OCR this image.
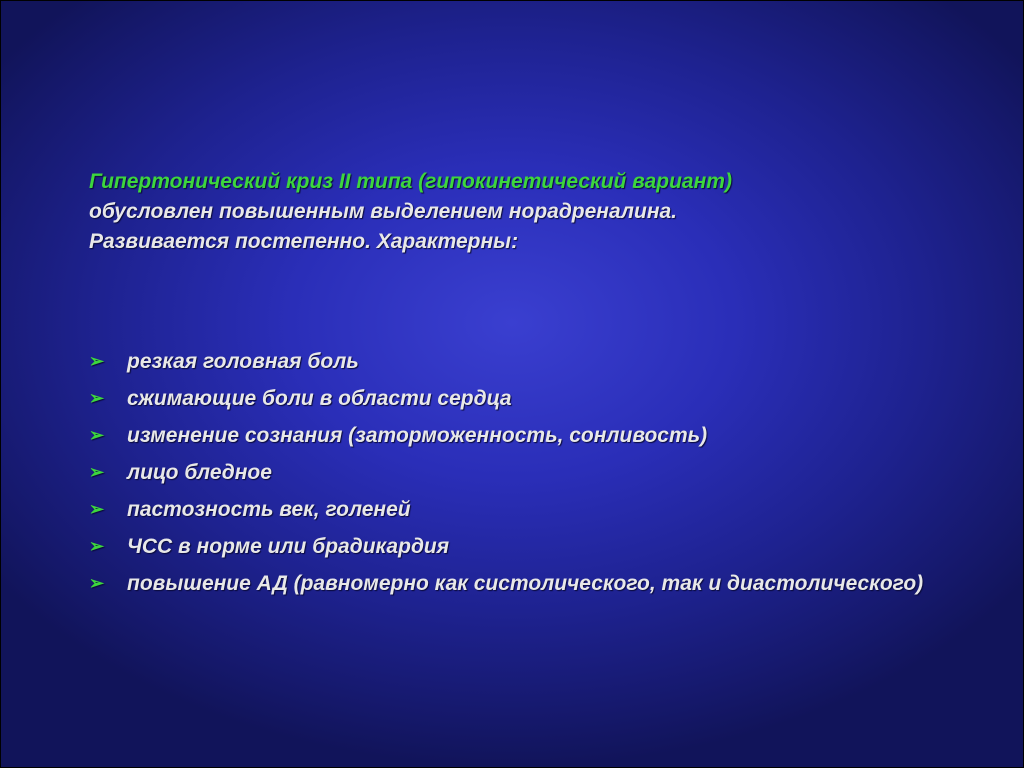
Гипертонический криз II типа (гипокинетический вариант)
обусловлен повышенным выделением норадреналина.
Развивается постепенно. Характерны:
➢ резкая головная боль
➢ сжимающие боли в области сердца
➢ изменение сознания (заторможенность, сонливость)
➢ лицо бледное
➢ пастозность век, голеней
➢ ЧСС в норме или брадикардия
➢ повышение АД (равномерно как систолического, так и диастолического)
